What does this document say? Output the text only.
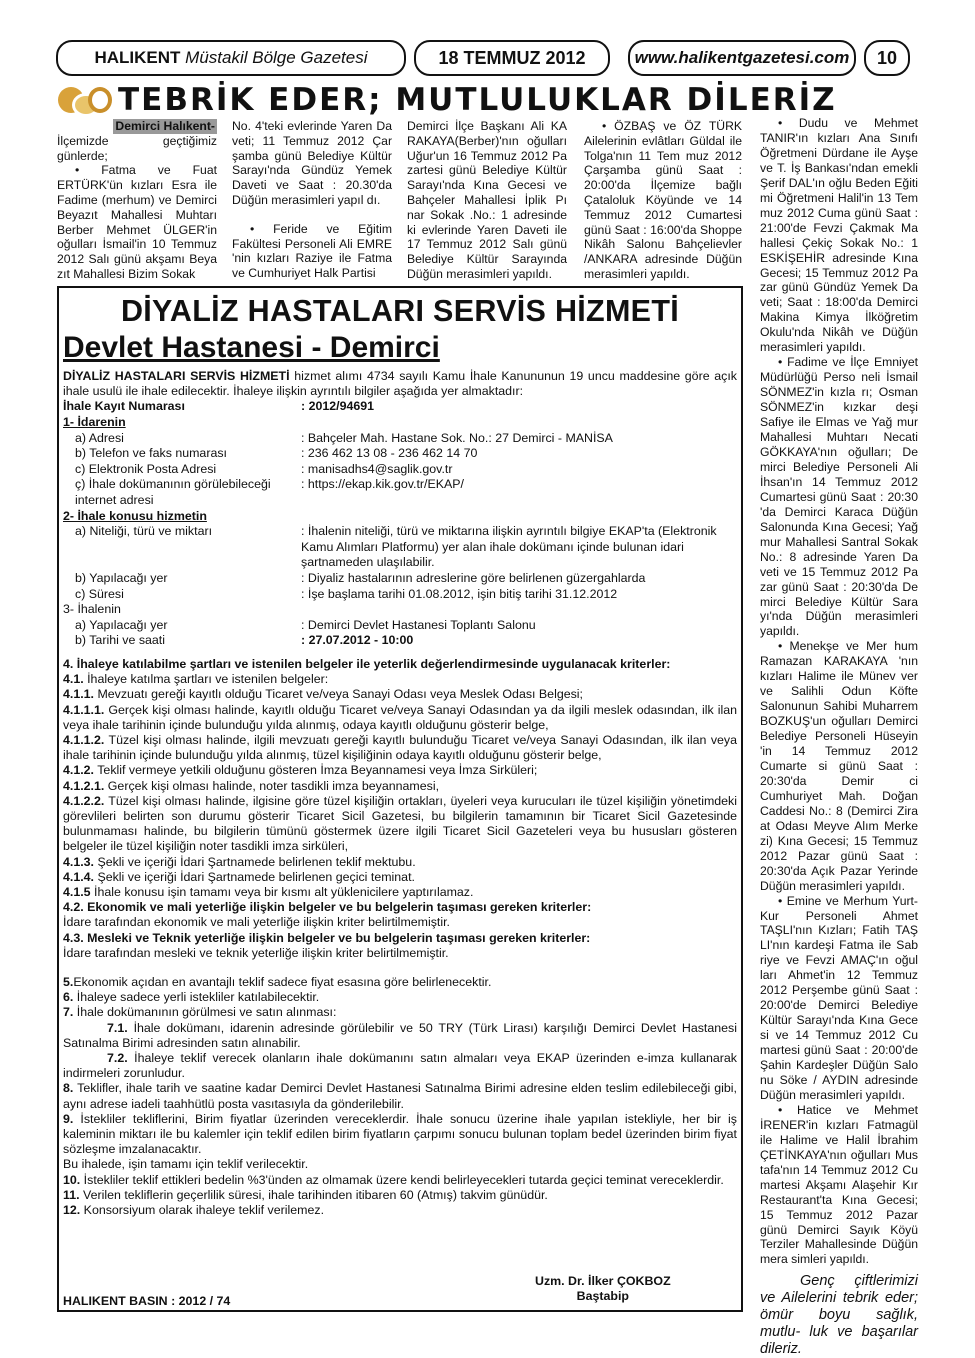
HALIKENT
Müstakil Bölge Gazetesi	18 TEMMUZ 2012	www.halikentgazetesi.com	10
TEBRİK EDER; MUTLULUKLAR DİLERİZ

Demirci Halıkent-

İlçemizde geçtiğimiz günlerde;

• Fatma ve Fuat ERTÜRK'ün kızları Esra ile Fadime (merhum) ve Demirci Beyazıt Mahallesi Muhtarı Berber Mehmet ÜLGER'in oğulları İsmail'in 10 Temmuz 2012 Salı günü akşamı Beya zıt Mahallesi Bizim Sokak

No. 4'teki evlerinde Yaren Da veti; 11 Temmuz 2012 Çar şamba günü Belediye Kültür Sarayı'nda Gündüz Yemek Daveti ve Saat : 20.30'da Düğün merasimleri yapıl dı.

• Feride ve Eğitim Fakültesi Personeli Ali EMRE 'nin kızları Raziye ile Fatma ve Cumhuriyet Halk Partisi

Demirci İlçe Başkanı Ali KA RAKAYA(Berber)'nın oğulları Uğur'un 16 Temmuz 2012 Pa zartesi günü Belediye Kültür Sarayı'nda Kına Gecesi ve Bahçeler Mahallesi İplik Pı nar Sokak .No.: 1 adresinde ki evlerinde Yaren Daveti ile 17 Temmuz 2012 Salı günü Belediye Kültür Sarayında Düğün merasimleri yapıldı.

• ÖZBAŞ ve ÖZ TÜRK Ailelerinin evlâtları Güldal ile Tolga'nın 11 Tem muz 2012 Çarşamba günü Saat : 20:00'da İlçemize bağlı Çataloluk Köyünde ve 14 Temmuz 2012 Cumartesi günü Saat : 16:00'da Shoppe Nikâh Salonu Bahçelievler /ANKARA adresinde Düğün merasimleri yapıldı.

• Dudu ve Mehmet TANIR'ın kızları Ana Sınıfı Öğretmeni Dürdane ile Ayşe ve T. İş Bankası'ndan emekli Şerif DAL'ın oğlu Beden Eğiti mi Öğretmeni Halil'in 13 Tem muz 2012 Cuma günü Saat : 21:00'de Fevzi Çakmak Ma hallesi Çekiç Sokak No.: 1 ESKİŞEHİR adresinde Kına Gecesi; 15 Temmuz 2012 Pa zar günü Gündüz Yemek Da veti; Saat : 18:00'da Demirci Makina Kimya İlköğretim Okulu'nda Nikâh ve Düğün merasimleri yapıldı.

• Fadime ve İlçe Emniyet Müdürlüğü Perso neli İsmail SÖNMEZ'in kızla rı; Osman SÖNMEZ'in kızkar deşi Safiye ile Elmas ve Yağ mur Mahallesi Muhtarı Necati GÖKKAYA'nın oğulları; De mirci Belediye Personeli Ali İhsan'ın 14 Temmuz 2012 Cumartesi günü Saat : 20:30 'da Demirci Karaca Düğün Salonunda Kına Gecesi; Yağ mur Mahallesi Santral Sokak No.: 8 adresinde Yaren Da veti ve 15 Temmuz 2012 Pa zar günü Saat : 20:30'da De mirci Belediye Kültür Sara yı'nda Düğün merasimleri yapıldı.

• Menekşe ve Mer hum Ramazan KARAKAYA 'nın kızları Halime ile Münev ver ve Salihli Odun Köfte Salonunun Sahibi Muharrem BOZKUŞ'un oğulları Demirci Belediye Personeli Hüseyin 'in 14 Temmuz 2012 Cumarte si günü Saat : 20:30'da Demir ci Cumhuriyet Mah. Doğan Caddesi No.: 8 (Demirci Zira at Odası Meyve Alım Merke zi) Kına Gecesi; 15 Temmuz 2012 Pazar günü Saat : 20:30'da Açık Pazar Yerinde Düğün merasimleri yapıldı.

• Emine ve Merhum Yurt-Kur Personeli Ahmet TAŞLI'nın Kızları; Fatih TAŞ LI'nın kardeşi Fatma ile Sab riye ve Fevzi AMAÇ'ın oğul ları Ahmet'in 12 Temmuz 2012 Perşembe günü Saat : 20:00'de Demirci Belediye Kültür Sarayı'nda Kına Gece si ve 14 Temmuz 2012 Cu martesi günü Saat : 20:00'de Şahin Kardeşler Düğün Salo nu Söke / AYDIN adresinde Düğün merasimleri yapıldı.

• Hatice ve Mehmet İRENER'in kızları Fatmagül ile Halime ve Halil İbrahim ÇETİNKAYA'nın oğulları Mus tafa'nın 14 Temmuz 2012 Cu martesi Akşamı Alaşehir Kır Restaurant'ta Kına Gecesi; 15 Temmuz 2012 Pazar günü Demirci Sayık Köyü Terziler Mahallesinde Düğün mera simleri yapıldı.

Genç çiftlerimizi ve Ailelerini tebrik eder; ömür boyu sağlık, mutlu- luk ve başarılar dileriz.

DİYALİZ HASTALARI SERVİS HİZMETİ
Devlet Hastanesi - Demirci
DİYALİZ HASTALARI SERVİS HİZMETİ hizmet alımı 4734 sayılı Kamu İhale Kanununun 19 uncu maddesine göre açık ihale usulü ile ihale edilecektir. İhaleye ilişkin ayrıntılı bilgiler aşağıda yer almaktadır:
İhale Kayıt Numarası	: 2012/94691
1- İdarenin
a) Adresi	: Bahçeler Mah. Hastane Sok. No.: 27 Demirci - MANİSA
b) Telefon ve faks numarası	: 236 462 13 08 - 236 462 14 70
c) Elektronik Posta Adresi	: manisadhs4@saglik.gov.tr
ç) İhale dokümanının görülebileceği internet adresi
: https://ekap.kik.gov.tr/EKAP/
2- İhale konusu hizmetin
a) Niteliği, türü ve miktarı	: İhalenin niteliği, türü ve miktarına ilişkin ayrıntılı bilgiye EKAP'ta (Elektronik Kamu Alımları Platformu) yer alan ihale dokümanı içinde bulunan idari şartnameden ulaşılabilir.
b) Yapılacağı yer	: Diyaliz hastalarının adreslerine göre belirlenen güzergahlarda
c) Süresi	: İşe başlama tarihi 01.08.2012, işin bitiş tarihi 31.12.2012
3- İhalenin
a) Yapılacağı yer	: Demirci Devlet Hastanesi Toplantı Salonu
b) Tarihi ve saati	: 27.07.2012 - 10:00
4. İhaleye katılabilme şartları ve istenilen belgeler ile yeterlik değerlendirmesinde uygulanacak kriterler:
4.1. İhaleye katılma şartları ve istenilen belgeler:
4.1.1. Mevzuatı gereği kayıtlı olduğu Ticaret ve/veya Sanayi Odası veya Meslek Odası Belgesi;
4.1.1.1. Gerçek kişi olması halinde, kayıtlı olduğu Ticaret ve/veya Sanayi Odasından ya da ilgili meslek odasından, ilk ilan veya ihale tarihinin içinde bulunduğu yılda alınmış, odaya kayıtlı olduğunu gösterir belge,
4.1.1.2. Tüzel kişi olması halinde, ilgili mevzuatı gereği kayıtlı bulunduğu Ticaret ve/veya Sanayi Odasından, ilk ilan veya ihale tarihinin içinde bulunduğu yılda alınmış, tüzel kişiliğinin odaya kayıtlı olduğunu gösterir belge,
4.1.2. Teklif vermeye yetkili olduğunu gösteren İmza Beyannamesi veya İmza Sirküleri;
4.1.2.1. Gerçek kişi olması halinde, noter tasdikli imza beyannamesi,
4.1.2.2. Tüzel kişi olması halinde, ilgisine göre tüzel kişiliğin ortakları, üyeleri veya kurucuları ile tüzel kişiliğin yönetimdeki görevlileri belirten son durumu gösterir Ticaret Sicil Gazetesi, bu bilgilerin tamamının bir Ticaret Sicil Gazetesinde bulunmaması halinde, bu bilgilerin tümünü göstermek üzere ilgili Ticaret Sicil Gazeteleri veya bu hususları gösteren belgeler ile tüzel kişiliğin noter tasdikli imza sirküleri,
4.1.3. Şekli ve içeriği İdari Şartnamede belirlenen teklif mektubu.
4.1.4. Şekli ve içeriği İdari Şartnamede belirlenen geçici teminat.
4.1.5 İhale konusu işin tamamı veya bir kısmı alt yüklenicilere yaptırılamaz.
4.2. Ekonomik ve mali yeterliğe ilişkin belgeler ve bu belgelerin taşıması gereken kriterler:
İdare tarafından ekonomik ve mali yeterliğe ilişkin kriter belirtilmemiştir.
4.3. Mesleki ve Teknik yeterliğe ilişkin belgeler ve bu belgelerin taşıması gereken kriterler:
İdare tarafından mesleki ve teknik yeterliğe ilişkin kriter belirtilmemiştir.
5.Ekonomik açıdan en avantajlı teklif sadece fiyat esasına göre belirlenecektir.
6. İhaleye sadece yerli istekliler katılabilecektir.
7. İhale dokümanının görülmesi ve satın alınması:
7.1. İhale dokümanı, idarenin adresinde görülebilir ve 50 TRY (Türk Lirası) karşılığı Demirci Devlet Hastanesi Satınalma Birimi adresinden satın alınabilir.
7.2. İhaleye teklif verecek olanların ihale dokümanını satın almaları veya EKAP üzerinden e-imza kullanarak indirmeleri zorunludur.
8. Teklifler, ihale tarih ve saatine kadar Demirci Devlet Hastanesi Satınalma Birimi adresine elden teslim edilebileceği gibi, aynı adrese iadeli taahhütlü posta vasıtasıyla da gönderilebilir.
9. İstekliler tekliflerini, Birim fiyatlar üzerinden vereceklerdir. İhale sonucu üzerine ihale yapılan istekliyle, her bir iş kaleminin miktarı ile bu kalemler için teklif edilen birim fiyatların çarpımı sonucu bulunan toplam bedel üzerinden birim fiyat sözleşme imzalanacaktır.
Bu ihalede, işin tamamı için teklif verilecektir.
10. İstekliler teklif ettikleri bedelin %3'ünden az olmamak üzere kendi belirleyecekleri tutarda geçici teminat vereceklerdir.
11. Verilen tekliflerin geçerlilik süresi, ihale tarihinden itibaren 60 (Atmış) takvim günüdür.
12. Konsorsiyum olarak ihaleye teklif verilemez.
Uzm. Dr. İlker ÇOKBOZ
Baştabip
HALIKENT BASIN : 2012 / 74
